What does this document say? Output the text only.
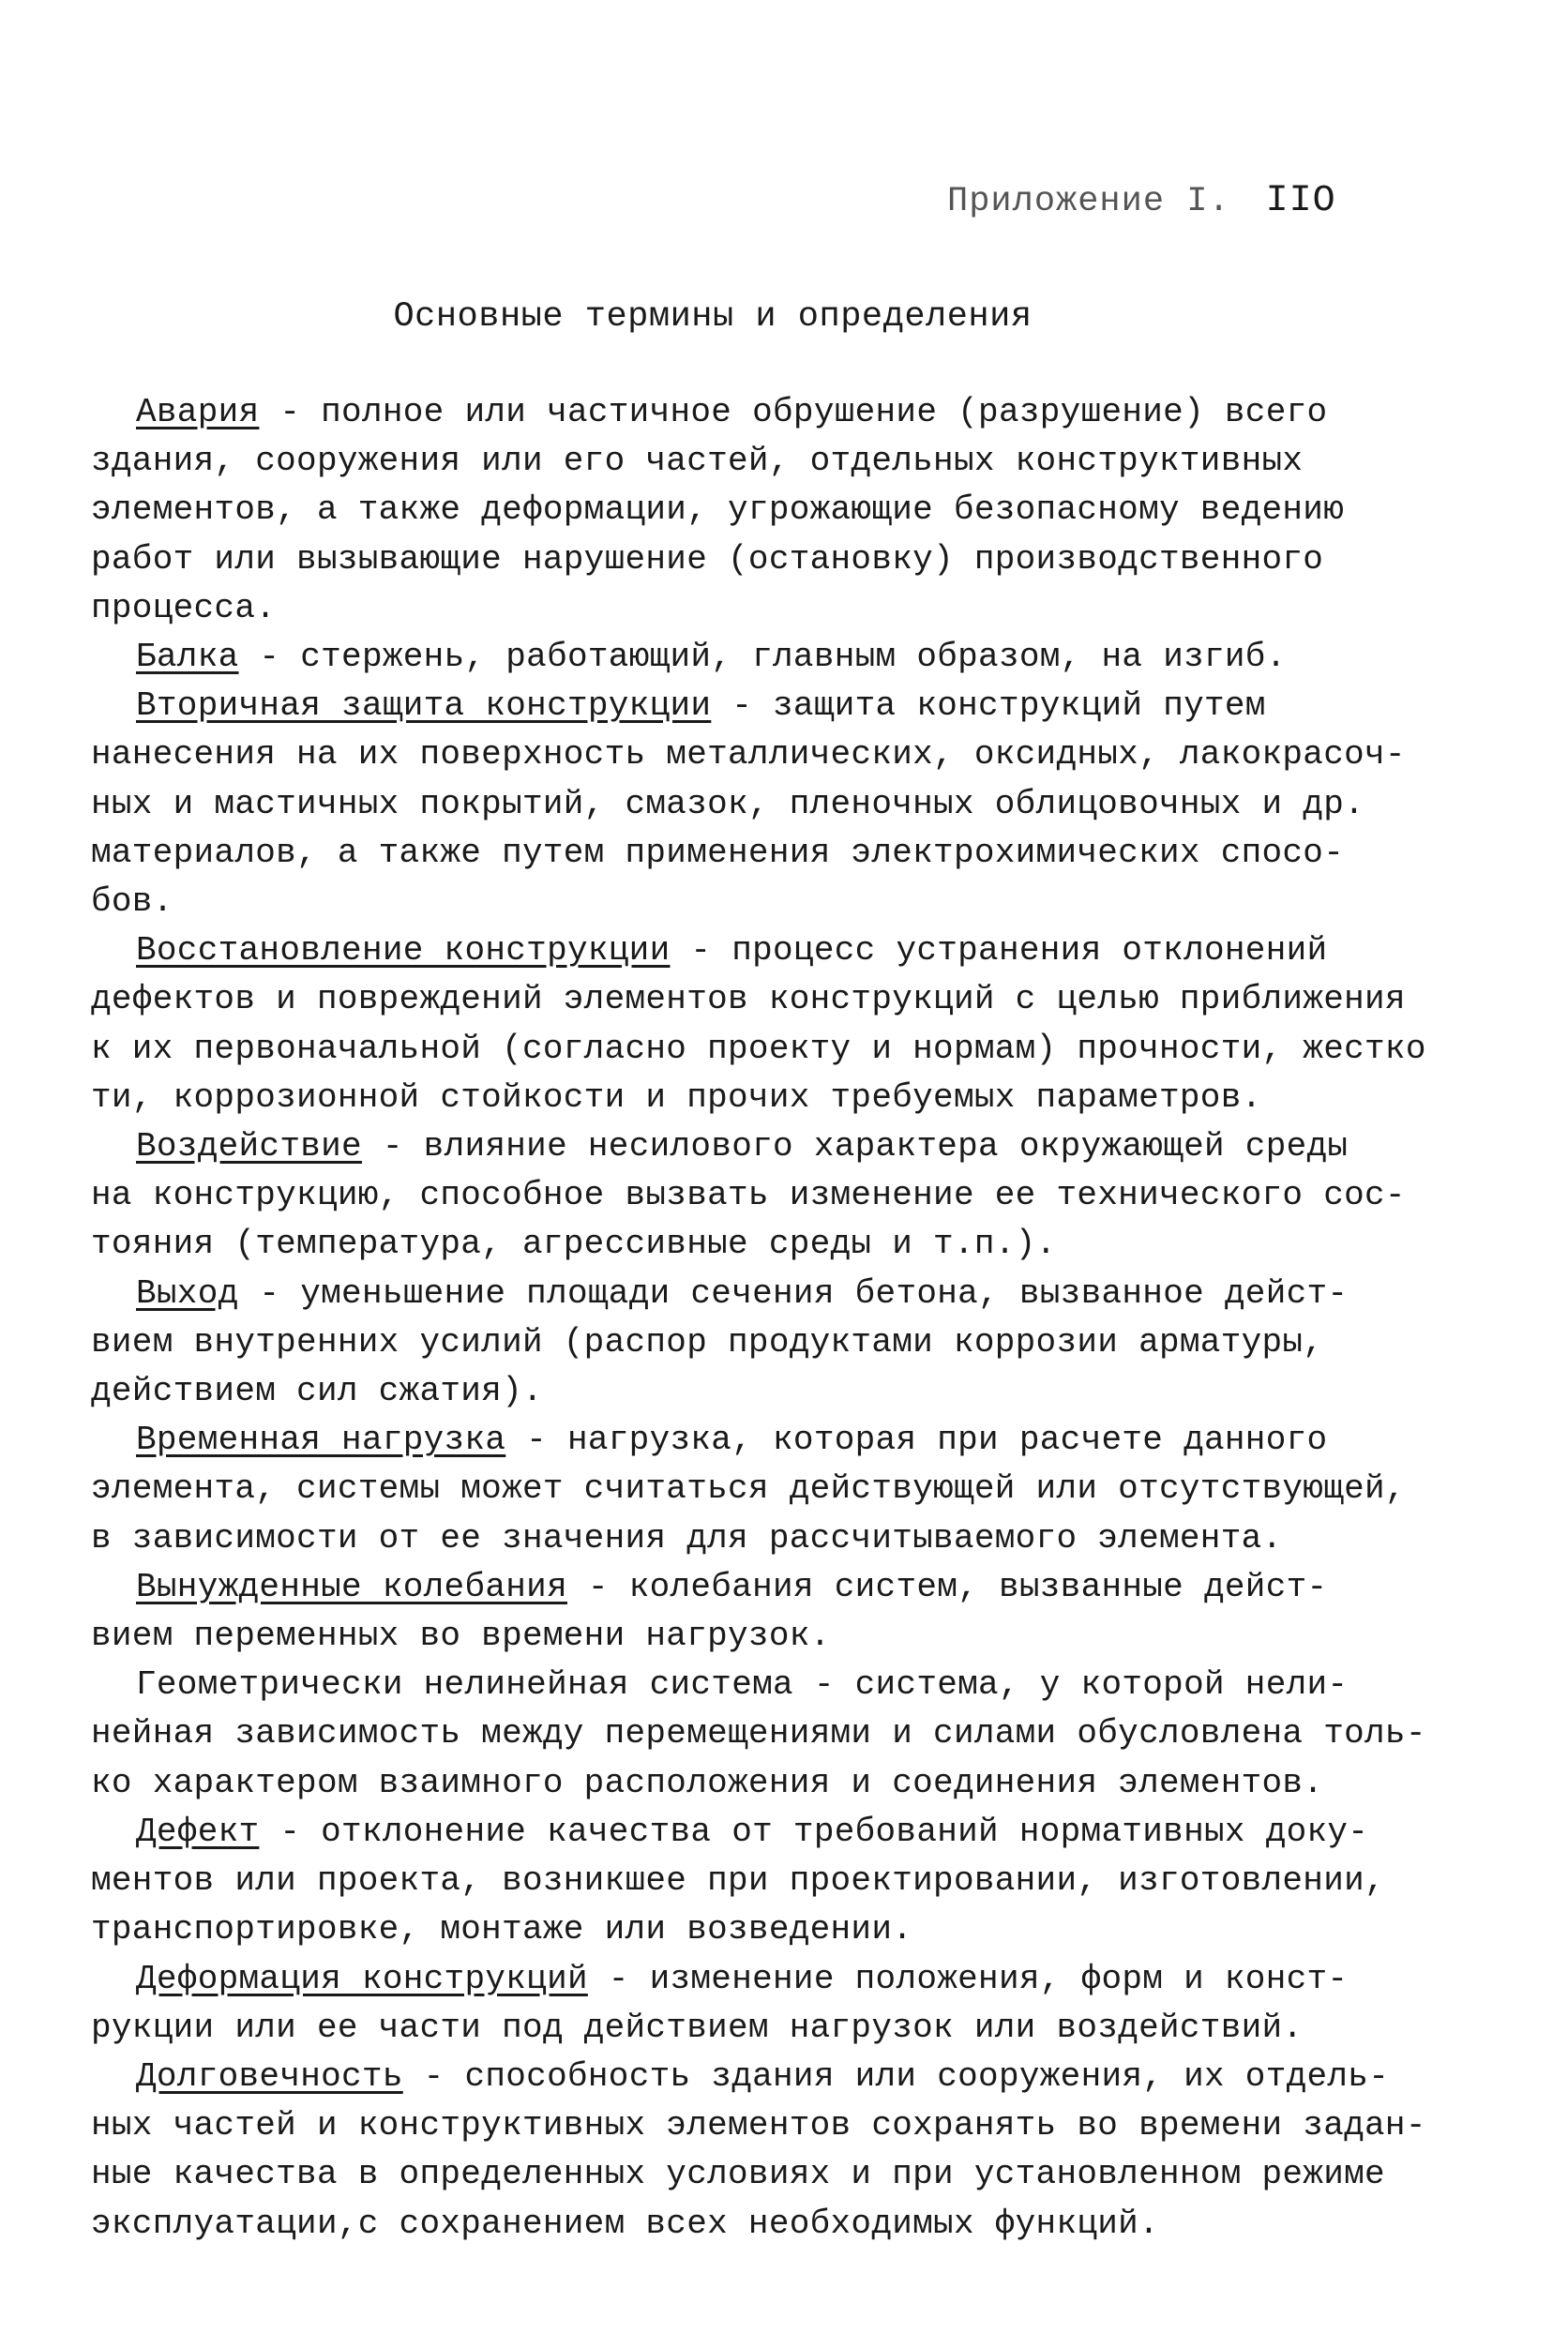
Приложение I. IIO
Основные термины и определения
Авария - полное или частичное обрушение (разрушение) всего
здания, сооружения или его частей, отдельных конструктивных
элементов, а также деформации, угрожающие безопасному ведению
работ или вызывающие нарушение (остановку) производственного
процесса.
Балка - стержень, работающий, главным образом, на изгиб.
Вторичная защита конструкции - защита конструкций путем
нанесения на их поверхность металлических, оксидных, лакокрасоч-
ных и мастичных покрытий, смазок, пленочных облицовочных и др.
материалов, а также путем применения электрохимических спосо-
бов.
Восстановление конструкции - процесс устранения отклонений
дефектов и повреждений элементов конструкций с целью приближения
к их первоначальной (согласно проекту и нормам) прочности, жестко
ти, коррозионной стойкости и прочих требуемых параметров.
Воздействие - влияние несилового характера окружающей среды
на конструкцию, способное вызвать изменение ее технического сос-
тояния (температура, агрессивные среды и т.п.).
Выход - уменьшение площади сечения бетона, вызванное дейст-
вием внутренних усилий (распор продуктами коррозии арматуры,
действием сил сжатия).
Временная нагрузка - нагрузка, которая при расчете данного
элемента, системы может считаться действующей или отсутствующей,
в зависимости от ее значения для рассчитываемого элемента.
Вынужденные колебания - колебания систем, вызванные дейст-
вием переменных во времени нагрузок.
Геометрически нелинейная система - система, у которой нели-
нейная зависимость между перемещениями и силами обусловлена толь-
ко характером взаимного расположения и соединения элементов.
Дефект - отклонение качества от требований нормативных доку-
ментов или проекта, возникшее при проектировании, изготовлении,
транспортировке, монтаже или возведении.
Деформация конструкций - изменение положения, форм и конст-
рукции или ее части под действием нагрузок или воздействий.
Долговечность - способность здания или сооружения, их отдель-
ных частей и конструктивных элементов сохранять во времени задан-
ные качества в определенных условиях и при установленном режиме
эксплуатации,с сохранением всех необходимых функций.
